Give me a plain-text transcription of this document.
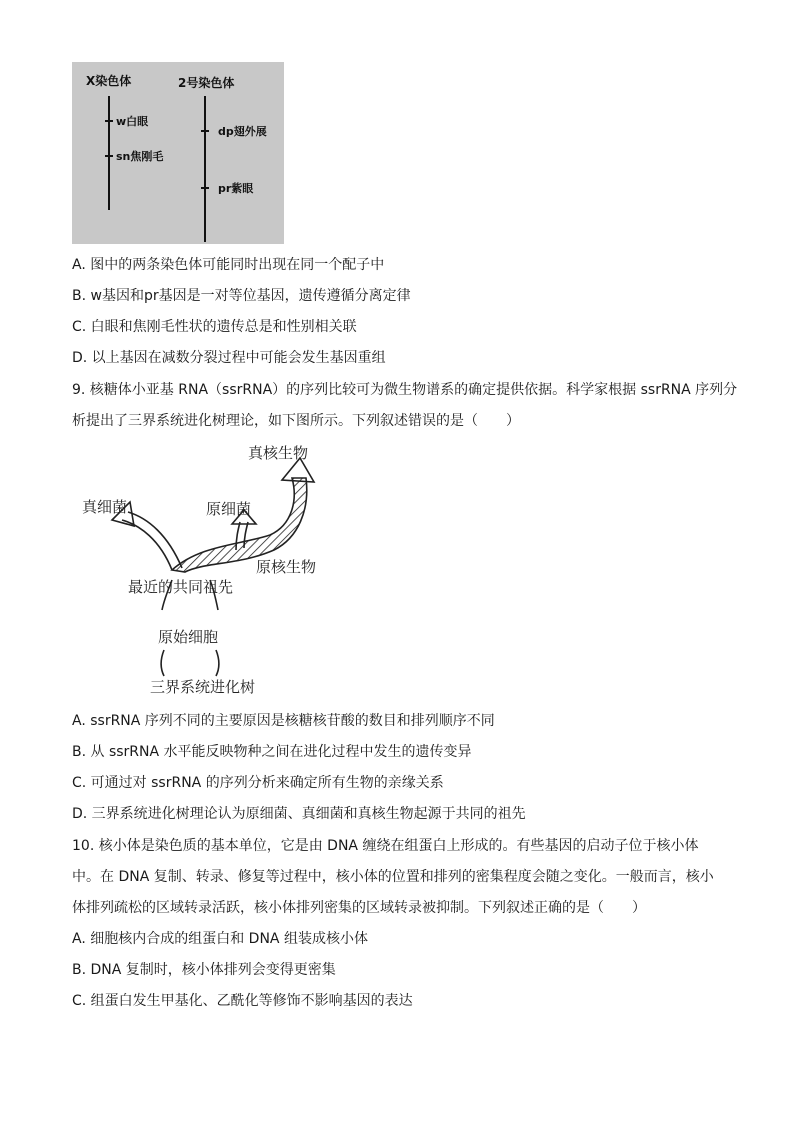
X染色体	2号染色体
w白眼
sn焦刚毛
dp翅外展
pr紫眼
A. 图中的两条染色体可能同时出现在同一个配子中
B. w基因和pr基因是一对等位基因，遗传遵循分离定律
C. 白眼和焦刚毛性状的遗传总是和性别相关联
D. 以上基因在减数分裂过程中可能会发生基因重组
9. 核糖体小亚基 RNA（ssrRNA）的序列比较可为微生物谱系的确定提供依据。科学家根据 ssrRNA 序列分
析提出了三界系统进化树理论，如下图所示。下列叙述错误的是（　　）
真核生物
真细菌	原细菌
原核生物
最近的共同祖先
原始细胞
三界系统进化树
A. ssrRNA 序列不同的主要原因是核糖核苷酸的数目和排列顺序不同
B. 从 ssrRNA 水平能反映物种之间在进化过程中发生的遗传变异
C. 可通过对 ssrRNA 的序列分析来确定所有生物的亲缘关系
D. 三界系统进化树理论认为原细菌、真细菌和真核生物起源于共同的祖先
10. 核小体是染色质的基本单位，它是由 DNA 缠绕在组蛋白上形成的。有些基因的启动子位于核小体
中。在 DNA 复制、转录、修复等过程中，核小体的位置和排列的密集程度会随之变化。一般而言，核小
体排列疏松的区域转录活跃，核小体排列密集的区域转录被抑制。下列叙述正确的是（　　）
A. 细胞核内合成的组蛋白和 DNA 组装成核小体
B. DNA 复制时，核小体排列会变得更密集
C. 组蛋白发生甲基化、乙酰化等修饰不影响基因的表达
